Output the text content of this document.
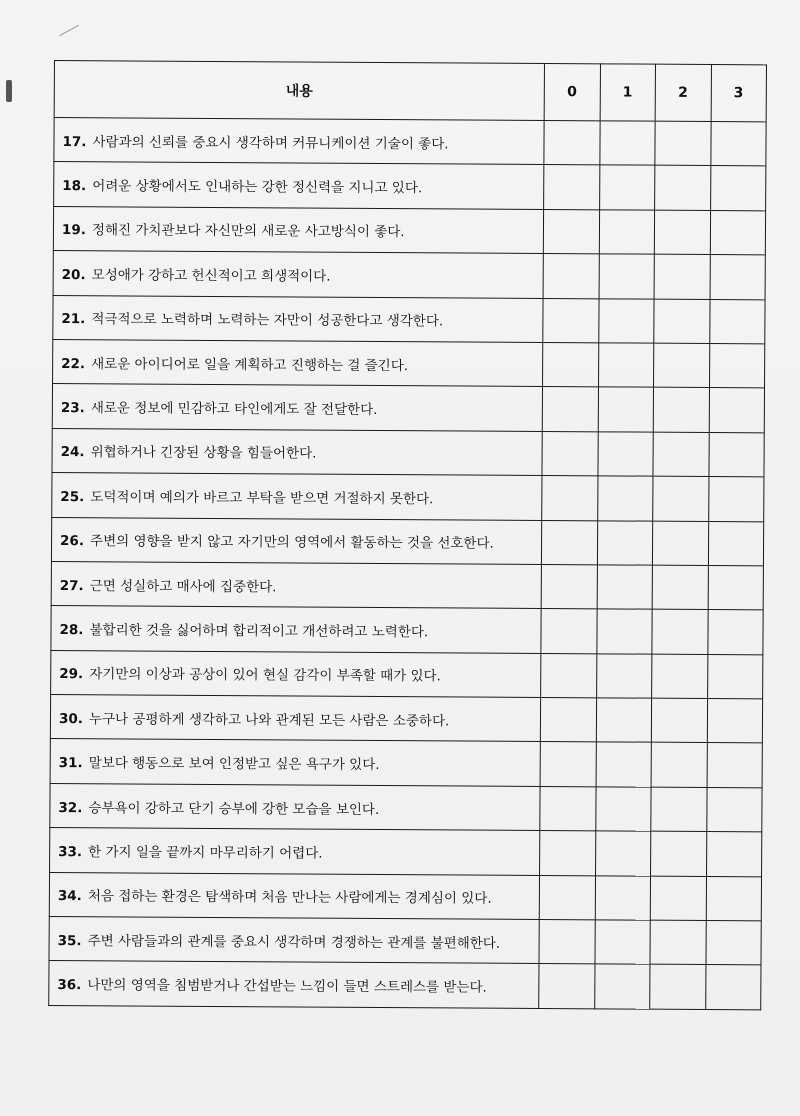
내용	0	1	2	3
17. 사람과의 신뢰를 중요시 생각하며 커뮤니케이션 기술이 좋다.				
18. 어려운 상황에서도 인내하는 강한 정신력을 지니고 있다.				
19. 정해진 가치관보다 자신만의 새로운 사고방식이 좋다.				
20. 모성애가 강하고 헌신적이고 희생적이다.				
21. 적극적으로 노력하며 노력하는 자만이 성공한다고 생각한다.				
22. 새로운 아이디어로 일을 계획하고 진행하는 걸 즐긴다.				
23. 새로운 정보에 민감하고 타인에게도 잘 전달한다.				
24. 위협하거나 긴장된 상황을 힘들어한다.				
25. 도덕적이며 예의가 바르고 부탁을 받으면 거절하지 못한다.				
26. 주변의 영향을 받지 않고 자기만의 영역에서 활동하는 것을 선호한다.				
27. 근면 성실하고 매사에 집중한다.				
28. 불합리한 것을 싫어하며 합리적이고 개선하려고 노력한다.				
29. 자기만의 이상과 공상이 있어 현실 감각이 부족할 때가 있다.				
30. 누구나 공평하게 생각하고 나와 관계된 모든 사람은 소중하다.				
31. 말보다 행동으로 보여 인정받고 싶은 욕구가 있다.				
32. 승부욕이 강하고 단기 승부에 강한 모습을 보인다.				
33. 한 가지 일을 끝까지 마무리하기 어렵다.				
34. 처음 접하는 환경은 탐색하며 처음 만나는 사람에게는 경계심이 있다.				
35. 주변 사람들과의 관계를 중요시 생각하며 경쟁하는 관계를 불편해한다.				
36. 나만의 영역을 침범받거나 간섭받는 느낌이 들면 스트레스를 받는다.				
